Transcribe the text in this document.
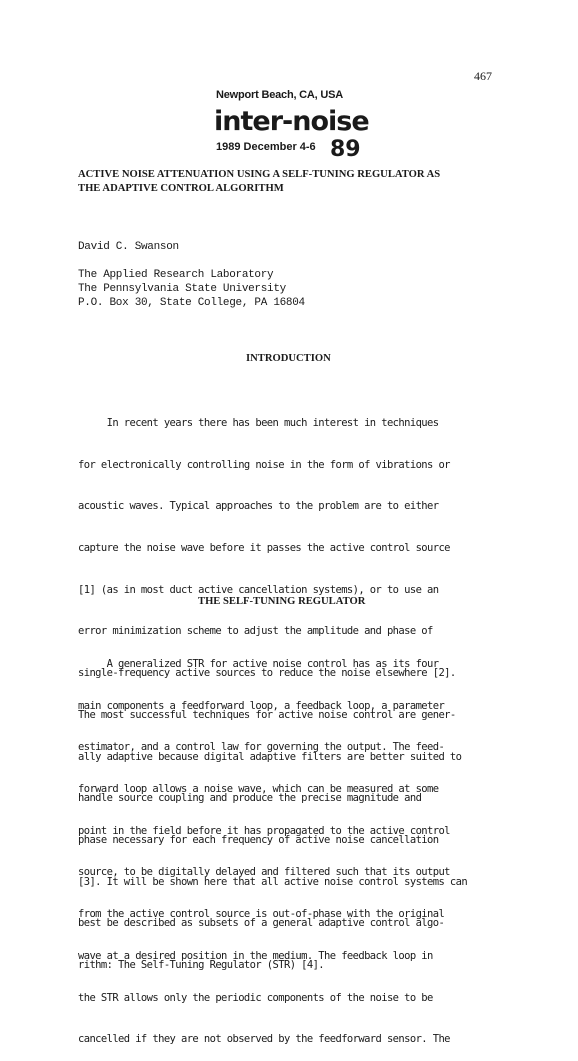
467
Newport Beach, CA, USA
inter-noise
1989 December 4-6 89
ACTIVE NOISE ATTENUATION USING A SELF-TUNING REGULATOR AS
THE ADAPTIVE CONTROL ALGORITHM
David C. Swanson
The Applied Research Laboratory
The Pennsylvania State University
P.O. Box 30, State College, PA 16804
INTRODUCTION

In recent years there has been much interest in techniques

for electronically controlling noise in the form of vibrations or

acoustic waves. Typical approaches to the problem are to either

capture the noise wave before it passes the active control source

[1] (as in most duct active cancellation systems), or to use an

error minimization scheme to adjust the amplitude and phase of

single-frequency active sources to reduce the noise elsewhere [2].

The most successful techniques for active noise control are gener-

ally adaptive because digital adaptive filters are better suited to

handle source coupling and produce the precise magnitude and

phase necessary for each frequency of active noise cancellation

[3]. It will be shown here that all active noise control systems can

best be described as subsets of a general adaptive control algo-

rithm: The Self-Tuning Regulator (STR) [4].

THE SELF-TUNING REGULATOR

A generalized STR for active noise control has as its four

main components a feedforward loop, a feedback loop, a parameter

estimator, and a control law for governing the output. The feed-

forward loop allows a noise wave, which can be measured at some

point in the field before it has propagated to the active control

source, to be digitally delayed and filtered such that its output

from the active control source is out-of-phase with the original

wave at a desired position in the medium. The feedback loop in

the STR allows only the periodic components of the noise to be

cancelled if they are not observed by the feedforward sensor. The
